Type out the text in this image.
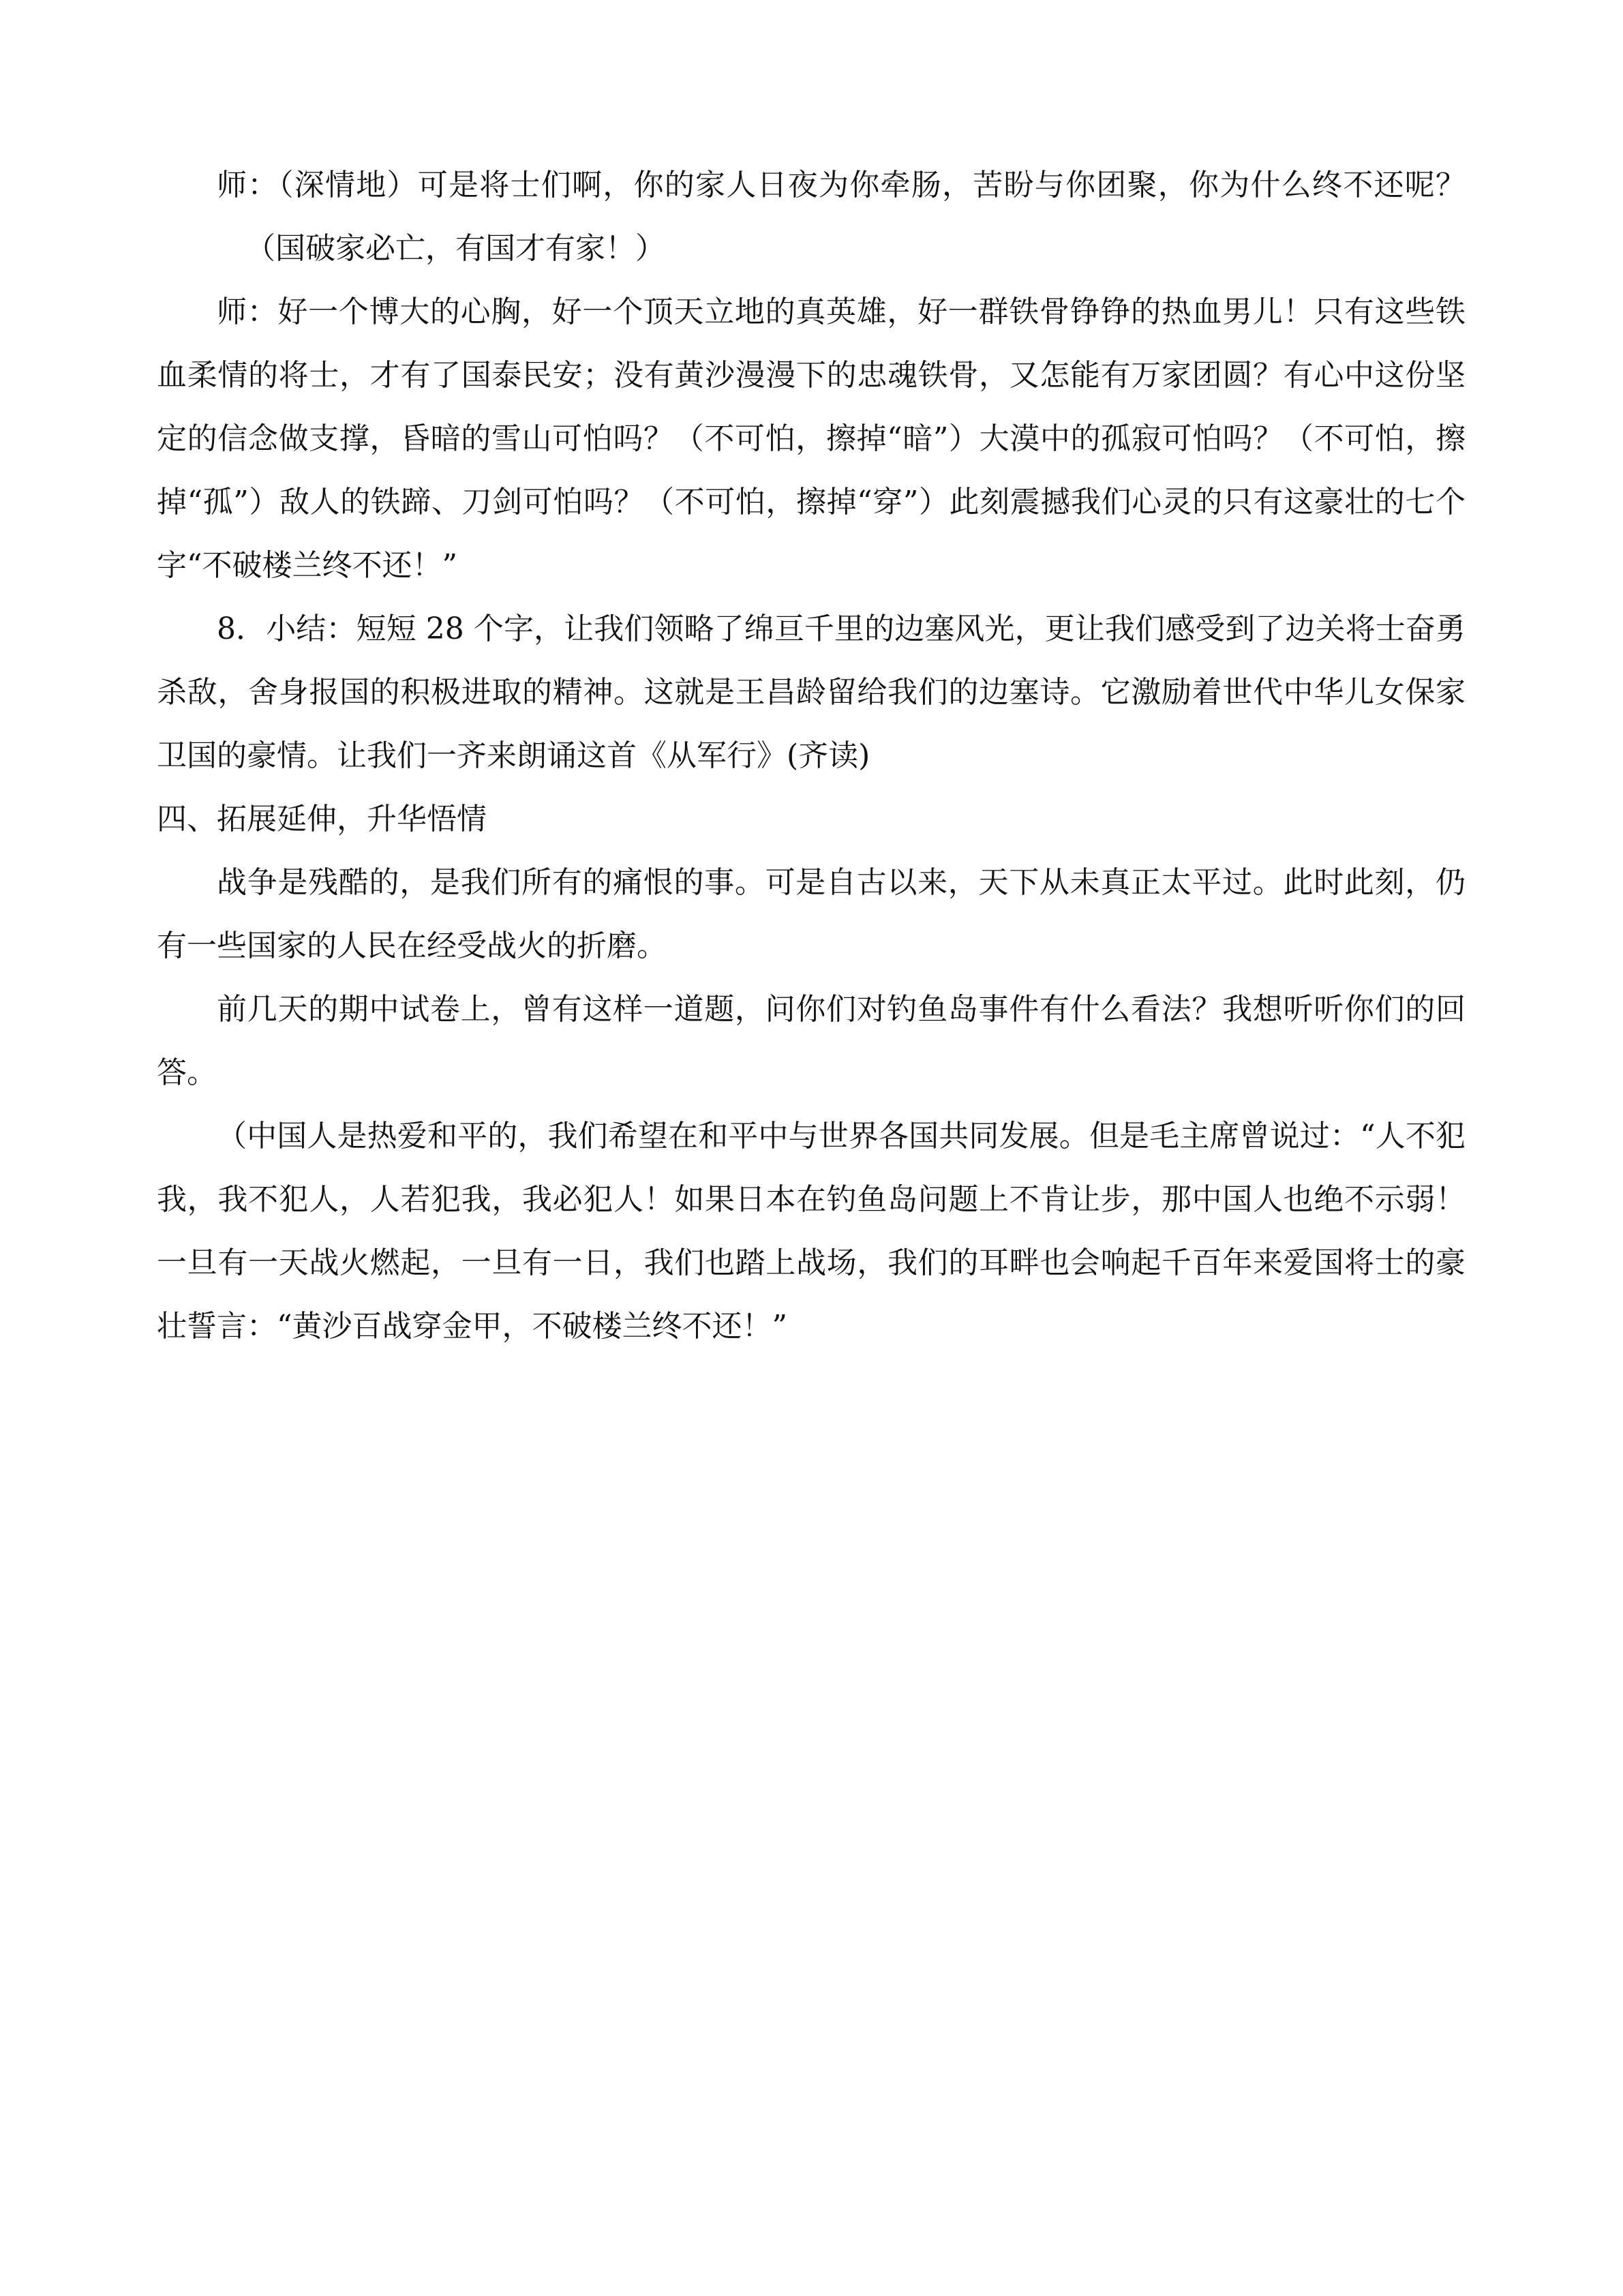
师：（深情地）可是将士们啊，你的家人日夜为你牵肠，苦盼与你团聚，你为什么终不还呢？（国破家必亡，有国才有家！）

师：好一个博大的心胸，好一个顶天立地的真英雄，好一群铁骨铮铮的热血男儿！只有这些铁血柔情的将士，才有了国泰民安；没有黄沙漫漫下的忠魂铁骨，又怎能有万家团圆？有心中这份坚定的信念做支撑，昏暗的雪山可怕吗？（不可怕，擦掉“暗”）大漠中的孤寂可怕吗？（不可怕，擦掉“孤”）敌人的铁蹄、刀剑可怕吗？（不可怕，擦掉“穿”）此刻震撼我们心灵的只有这豪壮的七个字“不破楼兰终不还！”

8．小结：短短 28 个字，让我们领略了绵亘千里的边塞风光，更让我们感受到了边关将士奋勇杀敌，舍身报国的积极进取的精神。这就是王昌龄留给我们的边塞诗。它激励着世代中华儿女保家卫国的豪情。让我们一齐来朗诵这首《从军行》(齐读)

四、拓展延伸，升华悟情

战争是残酷的，是我们所有的痛恨的事。可是自古以来，天下从未真正太平过。此时此刻，仍有一些国家的人民在经受战火的折磨。

前几天的期中试卷上，曾有这样一道题，问你们对钓鱼岛事件有什么看法？我想听听你们的回答。

（中国人是热爱和平的，我们希望在和平中与世界各国共同发展。但是毛主席曾说过：“人不犯我，我不犯人，人若犯我，我必犯人！如果日本在钓鱼岛问题上不肯让步，那中国人也绝不示弱！一旦有一天战火燃起，一旦有一日，我们也踏上战场，我们的耳畔也会响起千百年来爱国将士的豪壮誓言：“黄沙百战穿金甲，不破楼兰终不还！”
